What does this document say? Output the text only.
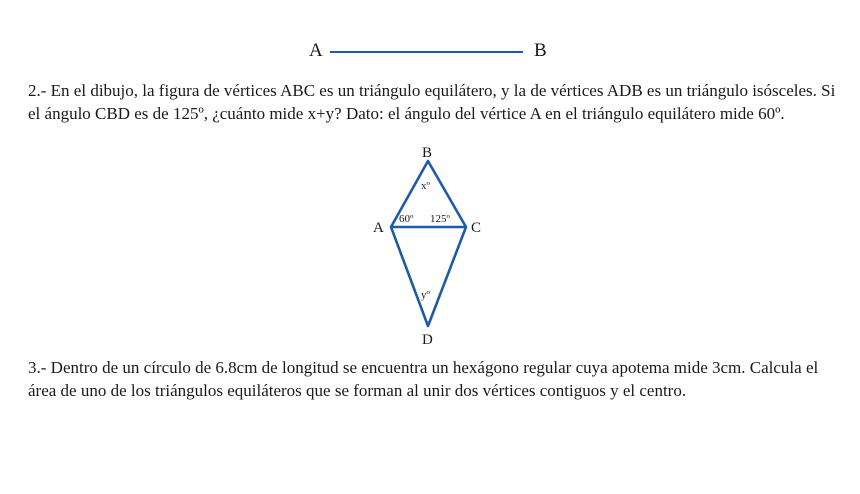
A	B

2.- En el dibujo, la figura de vértices ABC es un triángulo equilátero, y la de vértices ADB es un triángulo isósceles. Si el ángulo CBD es de 125º, ¿cuánto mide x+y? Dato: el ángulo del vértice A en el triángulo equilátero mide 60º.

B
A	C
D
xº
60º 125º
yº

3.- Dentro de un círculo de 6.8cm de longitud se encuentra un hexágono regular cuya apotema mide 3cm. Calcula el área de uno de los triángulos equiláteros que se forman al unir dos vértices contiguos y el centro.
